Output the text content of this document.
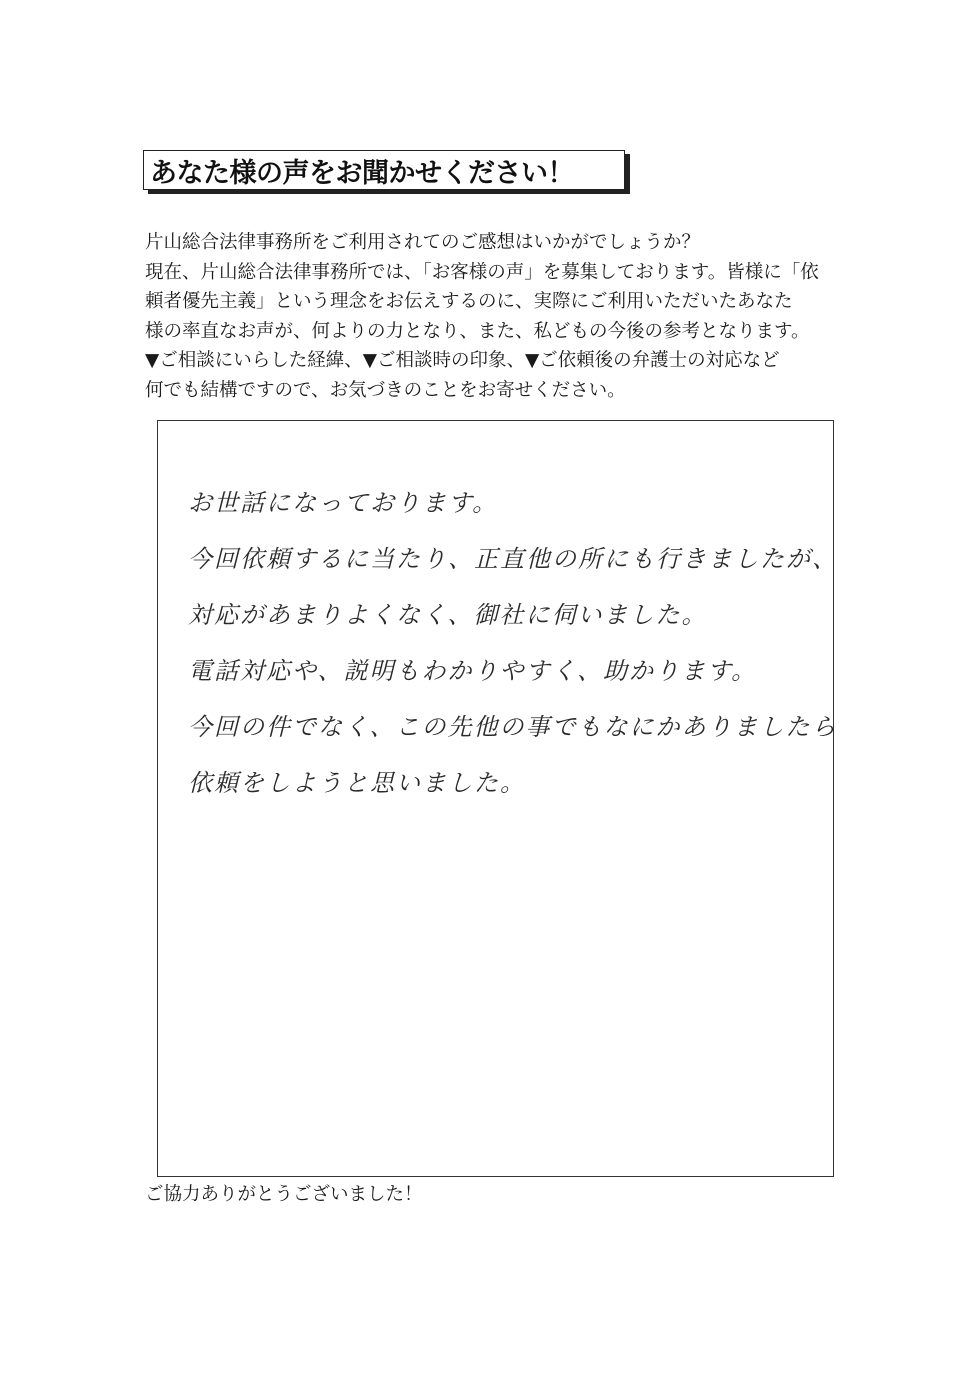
あなた様の声をお聞かせください！

片山総合法律事務所をご利用されてのご感想はいかがでしょうか？

現在、片山総合法律事務所では、「お客様の声」を募集しております。皆様に「依

頼者優先主義」という理念をお伝えするのに、実際にご利用いただいたあなた

様の率直なお声が、何よりの力となり、また、私どもの今後の参考となります。

▼ご相談にいらした経緯、▼ご相談時の印象、▼ご依頼後の弁護士の対応など

何でも結構ですので、お気づきのことをお寄せください。

お世話になっております。

今回依頼するに当たり、正直他の所にも行きましたが、

対応があまりよくなく、御社に伺いました。

電話対応や、説明もわかりやすく、助かります。

今回の件でなく、この先他の事でもなにかありましたら

依頼をしようと思いました。

ご協力ありがとうございました！
